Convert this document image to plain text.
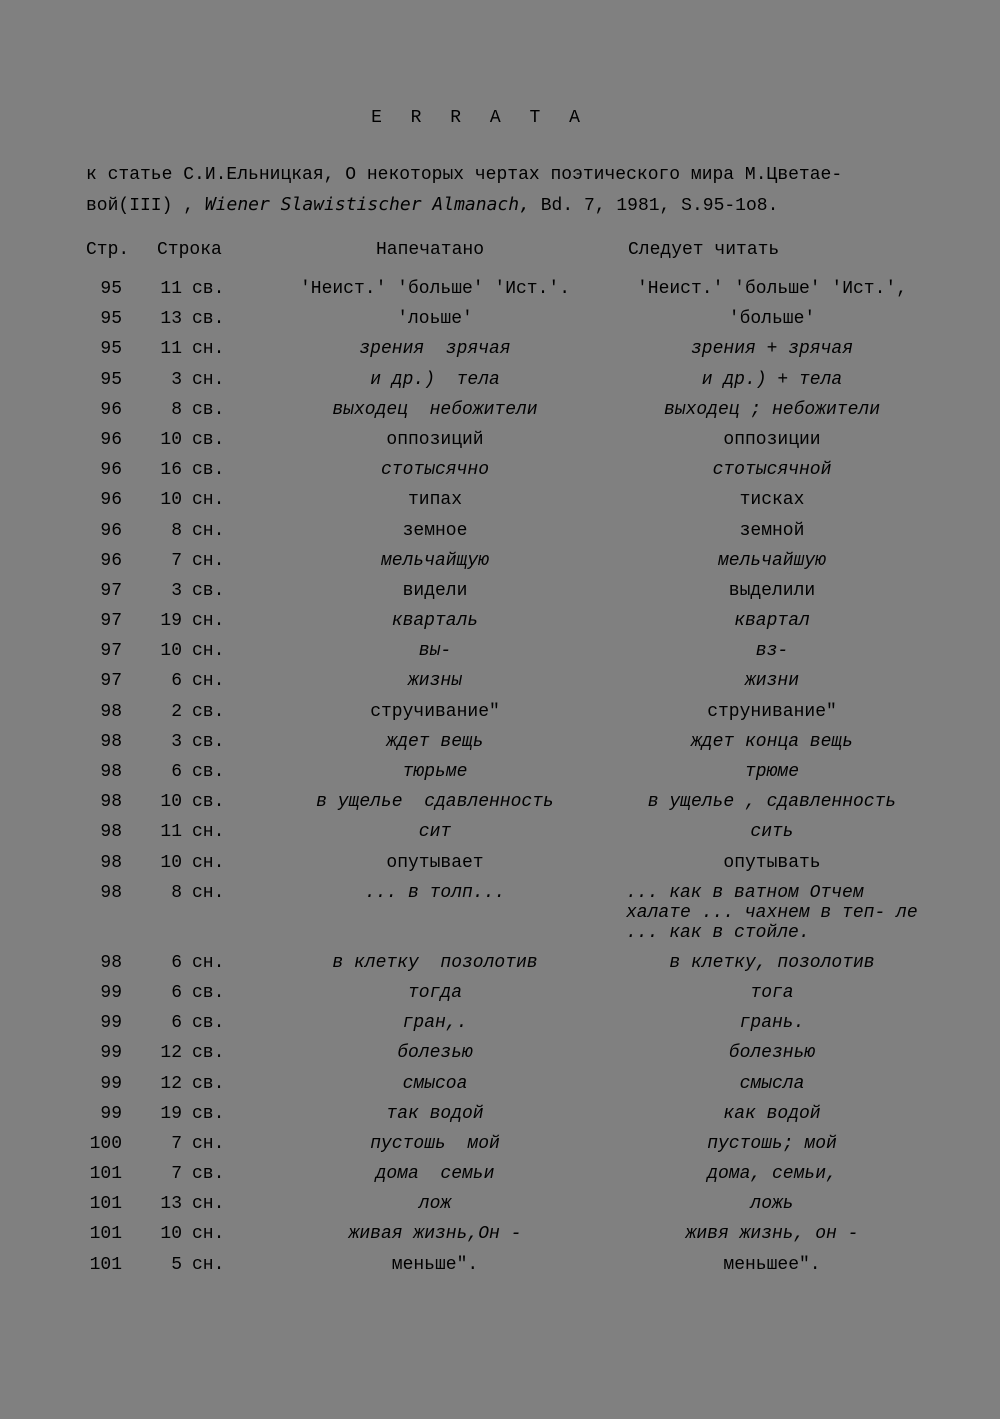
E R R A T A
к статье С.И.Ельницкая, О некоторых чертах поэтического мира М.Цветае-
вой(III) , Wiener Slawistischer Almanach, Bd. 7, 1981, S.95-1о8.
Стр. Строка	Напечатано	Следует читать
95	11 св.	'Неист.' 'больше' 'Ист.'.	'Неист.' 'больше' 'Ист.',
95	13 св.	'лоьше'	'больше'
95	11 сн.	зрения  зрячая	зрения + зрячая
95	3 сн.	и др.)  тела	и др.) + тела
96	8 св.	выходец  небожители	выходец ; небожители
96	10 св.	оппозиций	оппозиции
96	16 св.	стотысячно	стотысячной
96	10 сн.	типах	тисках
96	8 сн.	земное	земной
96	7 сн.	мельчайщую	мельчайшую
97	3 св.	видели	выделили
97	19 сн.	кварталь	квартал
97	10 сн.	вы-	вз-
97	6 сн.	жизны	жизни
98	2 св.	стручивание"	струнивание"
98	3 св.	ждет вещь	ждет конца вещь
98	6 св.	тюрьме	трюме
98	10 св.	в ущелье  сдавленность	в ущелье , сдавленность
98	11 сн.	сит	сить
98	10 сн.	опутывает	опутывать
98	8 сн.	... в толп...	... как в ватном Отчем халате ... чахнем в теп- ле ... как в стойле.
98	6 сн.	в клетку  позолотив	в клетку, позолотив
99	6 св.	тогда	тога
99	6 св.	гран,.	грань.
99	12 св.	болезью	болезнью
99	12 св.	смысоа	смысла
99	19 св.	так водой	как водой
100	7 сн.	пустошь  мой	пустошь; мой
101	7 св.	дома  семьи	дома, семьи,
101	13 сн.	лож	ложь
101	10 сн.	живая жизнь,Он -	живя жизнь, он -
101	5 сн.	меньше".	меньшее".
